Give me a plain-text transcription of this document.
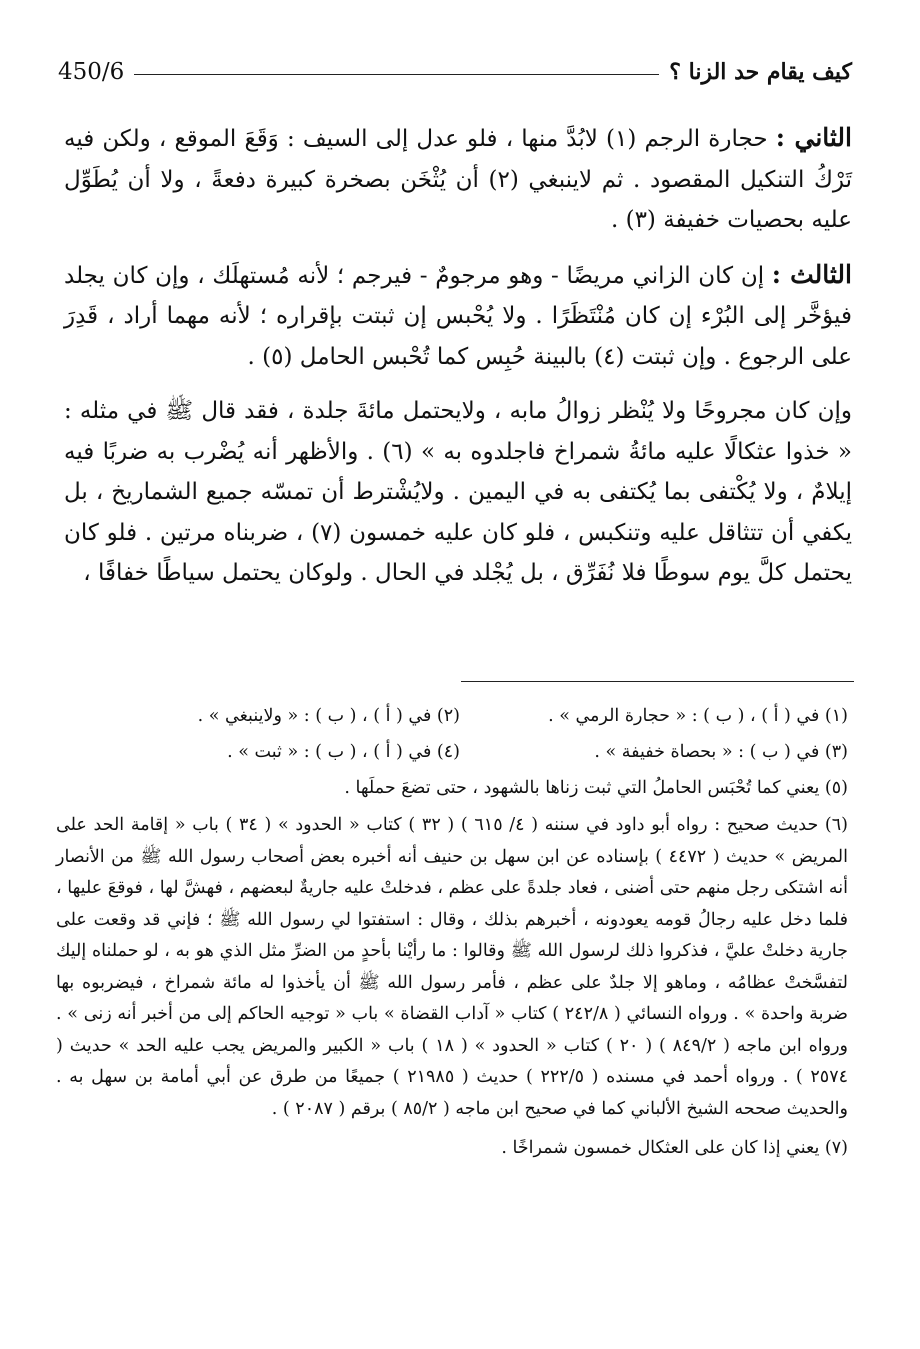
450/6	كيف يقام حد الزنا ؟

الثاني : حجارة الرجم (١) لابُدَّ منها ، فلو عدل إلى السيف : وَقَعَ الموقع ، ولكن فيه تَرْكُ التنكيل المقصود . ثم لاينبغي (٢) أن يُثْخَن بصخرة كبيرة دفعةً ، ولا أن يُطَوِّل عليه بحصيات خفيفة (٣) .

الثالث : إن كان الزاني مريضًا - وهو مرجومٌ - فيرجم ؛ لأنه مُستهلَك ، وإن كان يجلد فيؤخَّر إلى البُرْء إن كان مُنْتَظَرًا . ولا يُحْبس إن ثبتت بإقراره ؛ لأنه مهما أراد ، قَدِرَ على الرجوع . وإن ثبتت (٤) بالبينة حُبِس كما تُحْبس الحامل (٥) .

وإن كان مجروحًا ولا يُنْظر زوالُ مابه ، ولايحتمل مائةَ جلدة ، فقد قال ﷺ في مثله : « خذوا عثكالًا عليه مائةُ شمراخ فاجلدوه به » (٦) . والأظهر أنه يُضْرب به ضربًا فيه إيلامٌ ، ولا يُكْتفى بما يُكتفى به في اليمين . ولايُشْترط أن تمسّه جميع الشماريخ ، بل يكفي أن تتثاقل عليه وتنكبس ، فلو كان عليه خمسون (٧) ، ضربناه مرتين . فلو كان يحتمل كلَّ يوم سوطًا فلا نُفَرِّق ، بل يُجْلد في الحال . ولوكان يحتمل سياطًا خفافًا ،

(١) في ( أ ) ، ( ب ) : « حجارة الرمي » .
(٢) في ( أ ) ، ( ب ) : « ولاينبغي » .
(٣) في ( ب ) : « بحصاة خفيفة » .
(٤) في ( أ ) ، ( ب ) : « ثبت » .
(٥) يعني كما تُحْبَس الحاملُ التي ثبت زناها بالشهود ، حتى تضعَ حملَها .
(٦) حديث صحيح : رواه أبو داود في سننه ( ٤/ ٦١٥ ) ( ٣٢ ) كتاب « الحدود » ( ٣٤ ) باب « إقامة الحد على المريض » حديث ( ٤٤٧٢ ) بإسناده عن ابن سهل بن حنيف أنه أخبره بعض أصحاب رسول الله ﷺ من الأنصار أنه اشتكى رجل منهم حتى أضنى ، فعاد جلدةً على عظم ، فدخلتْ عليه جاريةٌ لبعضهم ، فهشَّ لها ، فوقعَ عليها ، فلما دخل عليه رجالُ قومه يعودونه ، أخبرهم بذلك ، وقال : استفتوا لي رسول الله ﷺ ؛ فإني قد وقعت على جارية دخلتْ عليَّ ، فذكروا ذلك لرسول الله ﷺ وقالوا : ما رأيْنا بأحدٍ من الضرِّ مثل الذي هو به ، لو حملناه إليك لتفسَّختْ عظامُه ، وماهو إلا جلدٌ على عظم ، فأمر رسول الله ﷺ أن يأخذوا له مائة شمراخ ، فيضربوه بها ضربة واحدة » . ورواه النسائي ( ٢٤٢/٨ ) كتاب « آداب القضاة » باب « توجيه الحاكم إلى من أخبر أنه زنى » . ورواه ابن ماجه ( ٨٤٩/٢ ) ( ٢٠ ) كتاب « الحدود » ( ١٨ ) باب « الكبير والمريض يجب عليه الحد » حديث ( ٢٥٧٤ ) . ورواه أحمد في مسنده ( ٢٢٢/٥ ) حديث ( ٢١٩٨٥ ) جميعًا من طرق عن أبي أمامة بن سهل به . والحديث صححه الشيخ الألباني كما في صحيح ابن ماجه ( ٨٥/٢ ) برقم ( ٢٠٨٧ ) .
(٧) يعني إذا كان على العثكال خمسون شمراخًا .
